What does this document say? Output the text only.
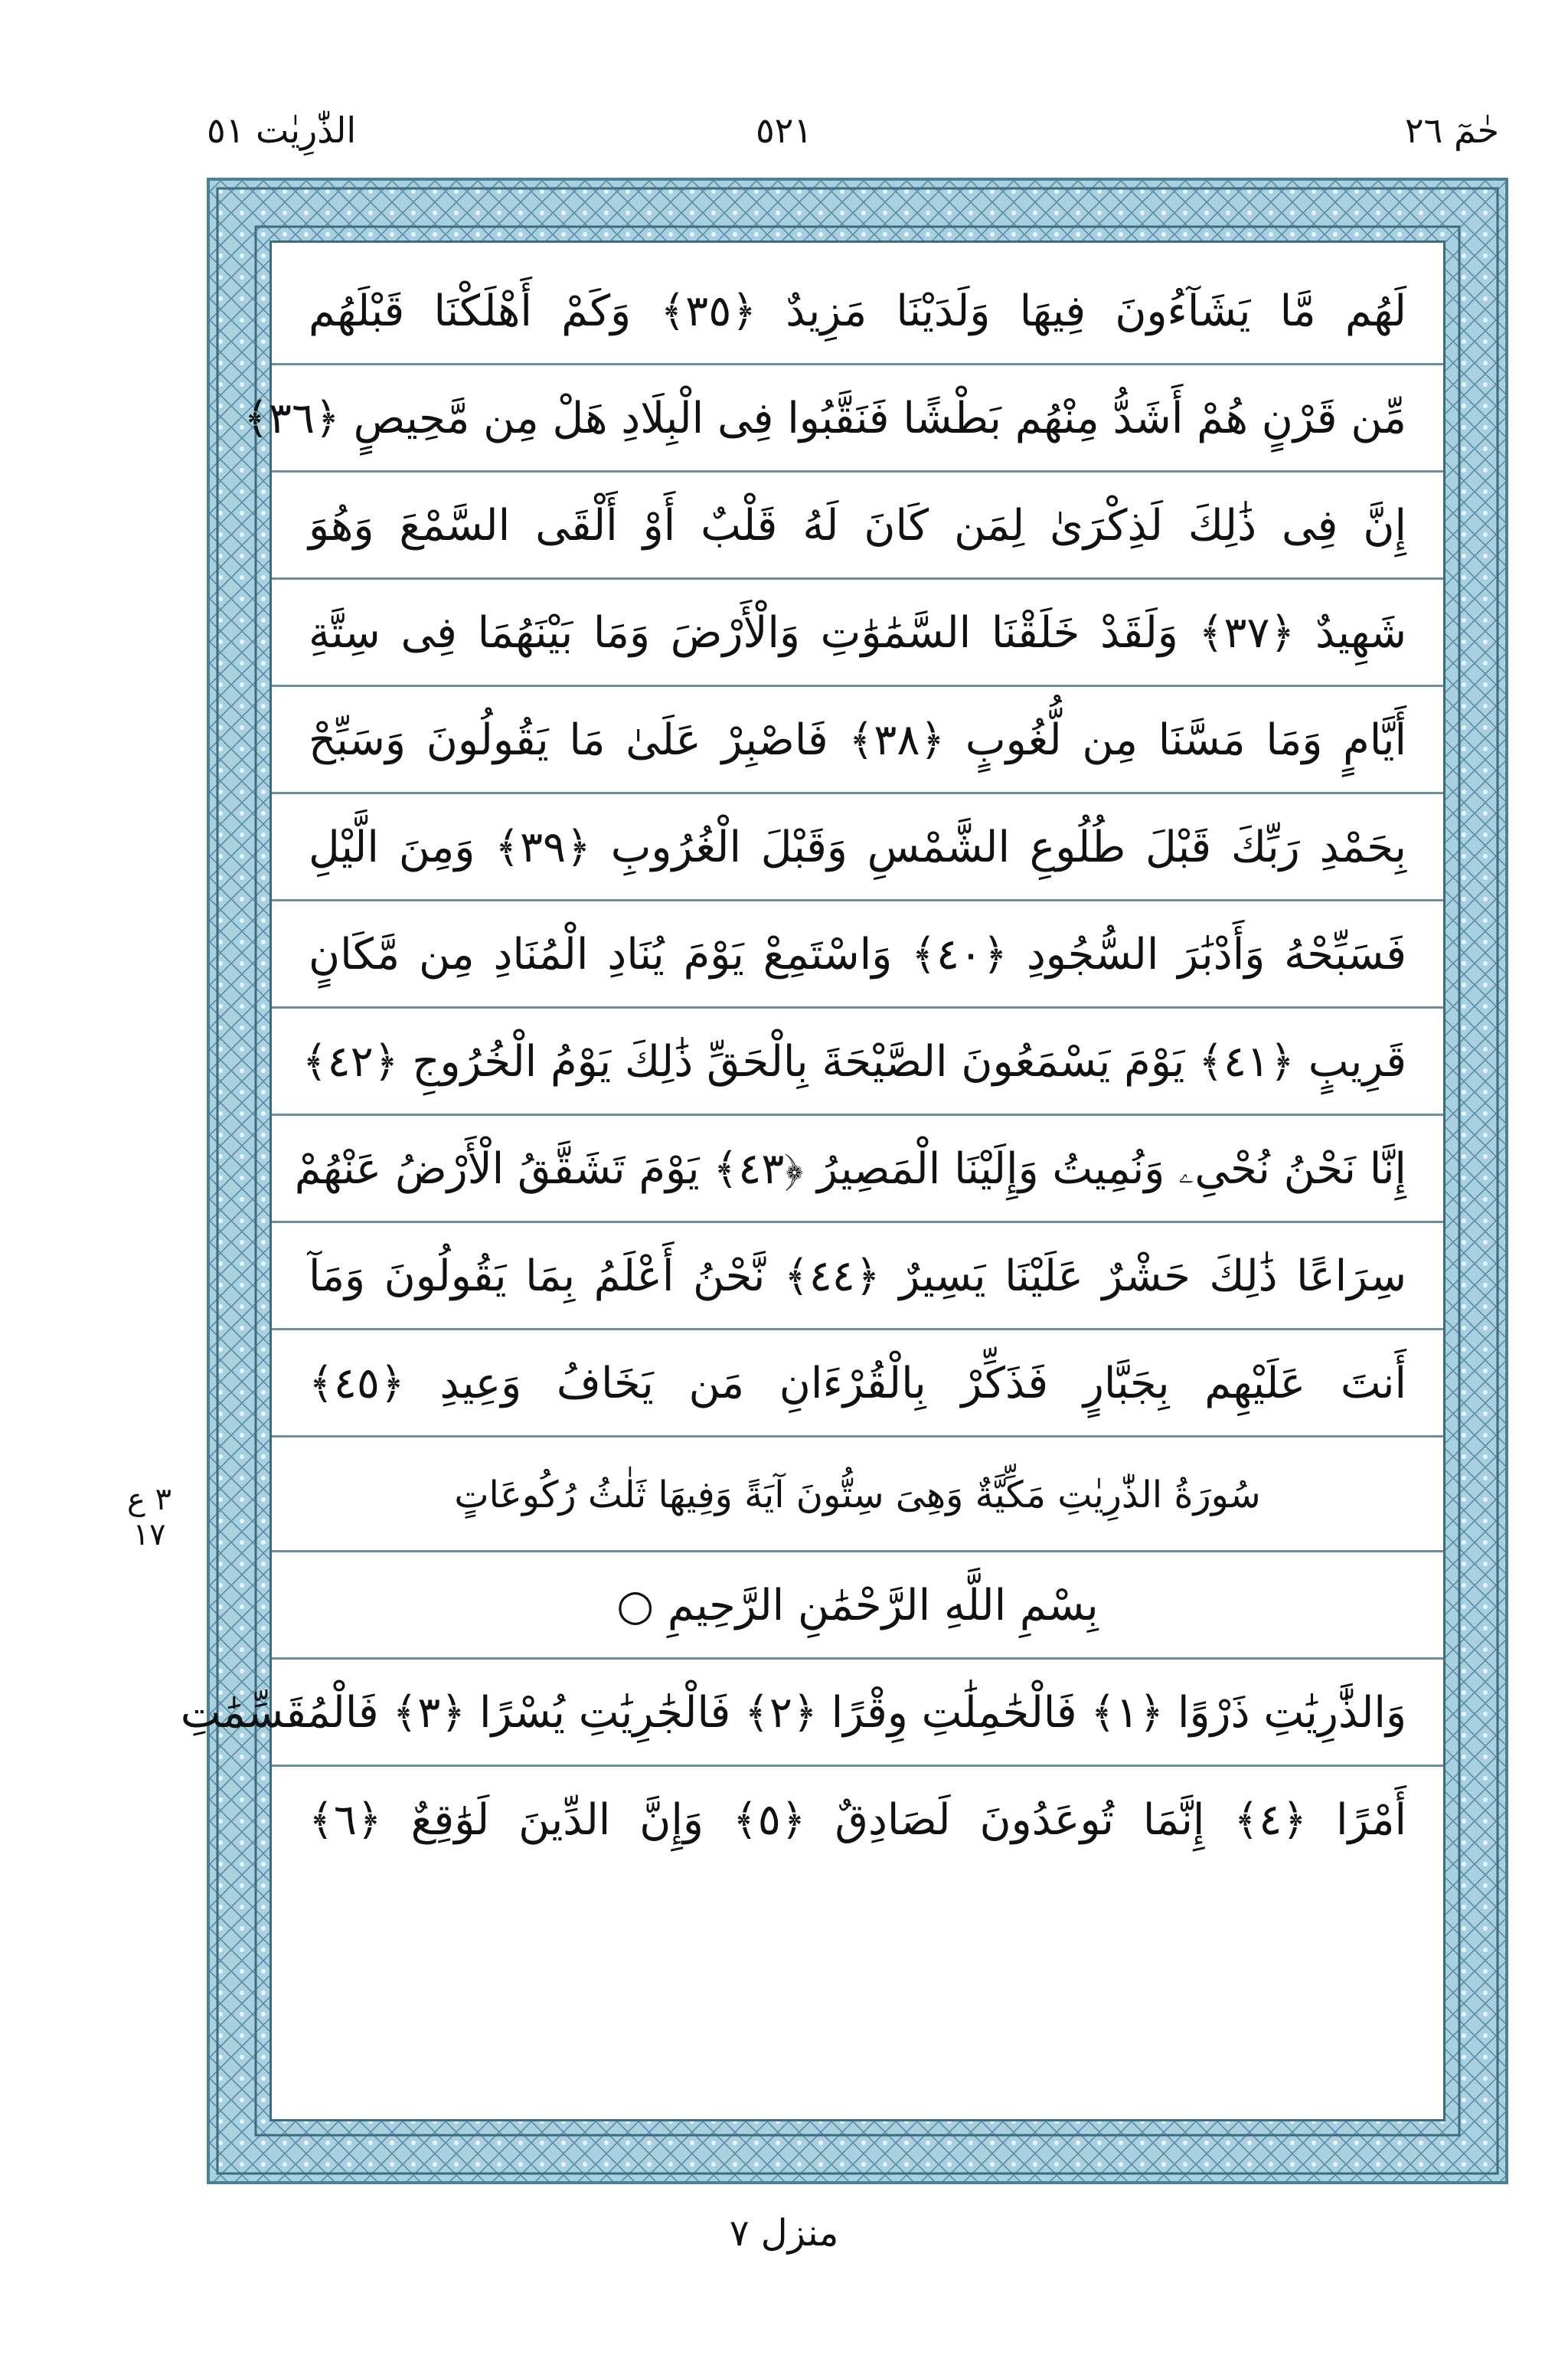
حٰمٓ ٢٦
٥٢١
الذّٰرِيٰت ٥١
لَهُم مَّا يَشَآءُونَ فِيهَا وَلَدَيْنَا مَزِيدٌ ﴿٣٥﴾ وَكَمْ أَهْلَكْنَا قَبْلَهُم
مِّن قَرْنٍ هُمْ أَشَدُّ مِنْهُم بَطْشًا فَنَقَّبُوا فِى الْبِلَادِ هَلْ مِن مَّحِيصٍ ﴿٣٦﴾
إِنَّ فِى ذَٰلِكَ لَذِكْرَىٰ لِمَن كَانَ لَهُ قَلْبٌ أَوْ أَلْقَى السَّمْعَ وَهُوَ
شَهِيدٌ ﴿٣٧﴾ وَلَقَدْ خَلَقْنَا السَّمَٰوَٰتِ وَالْأَرْضَ وَمَا بَيْنَهُمَا فِى سِتَّةِ
أَيَّامٍ وَمَا مَسَّنَا مِن لُّغُوبٍ ﴿٣٨﴾ فَاصْبِرْ عَلَىٰ مَا يَقُولُونَ وَسَبِّحْ
بِحَمْدِ رَبِّكَ قَبْلَ طُلُوعِ الشَّمْسِ وَقَبْلَ الْغُرُوبِ ﴿٣٩﴾ وَمِنَ الَّيْلِ
فَسَبِّحْهُ وَأَدْبَٰرَ السُّجُودِ ﴿٤٠﴾ وَاسْتَمِعْ يَوْمَ يُنَادِ الْمُنَادِ مِن مَّكَانٍ
قَرِيبٍ ﴿٤١﴾ يَوْمَ يَسْمَعُونَ الصَّيْحَةَ بِالْحَقِّ ذَٰلِكَ يَوْمُ الْخُرُوجِ ﴿٤٢﴾
إِنَّا نَحْنُ نُحْىِۦ وَنُمِيتُ وَإِلَيْنَا الْمَصِيرُ ﴿٤٣﴾ يَوْمَ تَشَقَّقُ الْأَرْضُ عَنْهُمْ
سِرَاعًا ذَٰلِكَ حَشْرٌ عَلَيْنَا يَسِيرٌ ﴿٤٤﴾ نَّحْنُ أَعْلَمُ بِمَا يَقُولُونَ وَمَآ
أَنتَ عَلَيْهِم بِجَبَّارٍ فَذَكِّرْ بِالْقُرْءَانِ مَن يَخَافُ وَعِيدِ ﴿٤٥﴾
سُورَةُ الذّٰرِيٰتِ مَكِّيَّةٌ وَهِىَ سِتُّونَ آيَةً وَفِيهَا ثَلٰثُ رُكُوعَاتٍ
بِسْمِ اللَّهِ الرَّحْمَٰنِ الرَّحِيمِ ○
وَالذَّٰرِيَٰتِ ذَرْوًا ﴿١﴾ فَالْحَٰمِلَٰتِ وِقْرًا ﴿٢﴾ فَالْجَٰرِيَٰتِ يُسْرًا ﴿٣﴾ فَالْمُقَسِّمَٰتِ
أَمْرًا ﴿٤﴾ إِنَّمَا تُوعَدُونَ لَصَادِقٌ ﴿٥﴾ وَإِنَّ الدِّينَ لَوَٰقِعٌ ﴿٦﴾
٣ ع ١٧
منزل ٧
